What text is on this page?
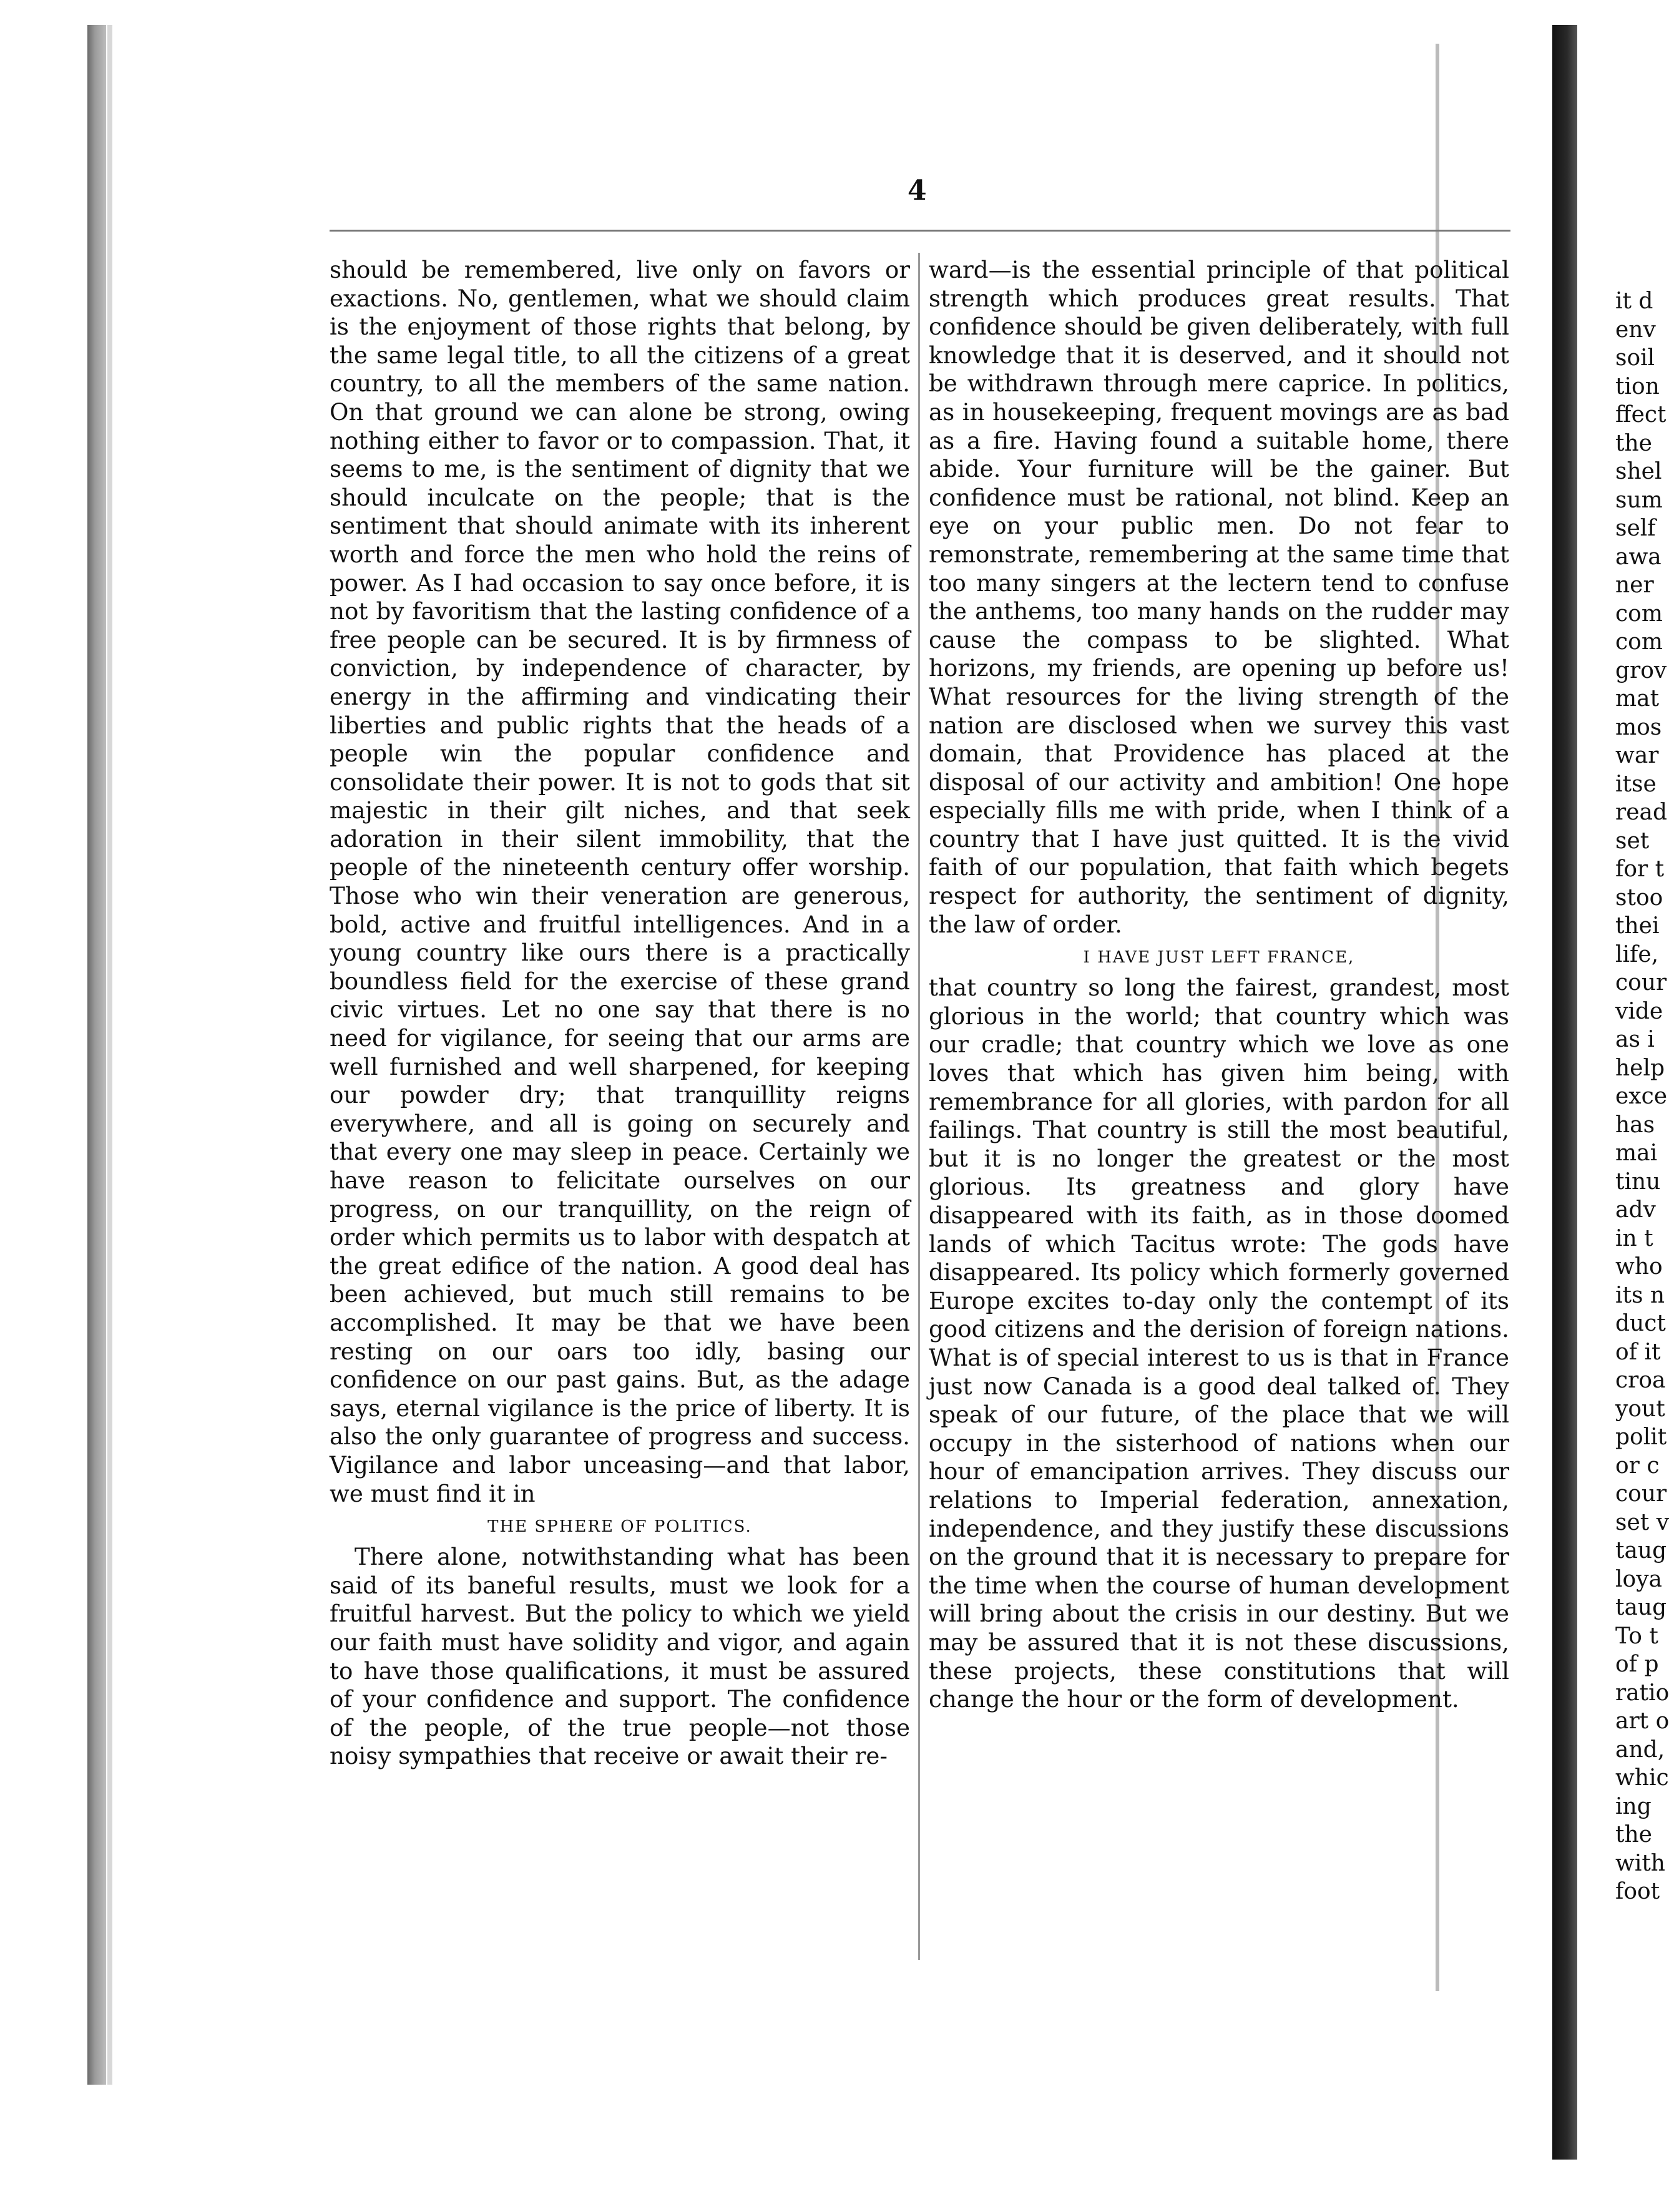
4

should be remembered, live only on favors or exactions. No, gentlemen, what we should claim is the enjoyment of those rights that belong, by the same legal title, to all the citizens of a great country, to all the members of the same nation. On that ground we can alone be strong, owing nothing either to favor or to compassion. That, it seems to me, is the sentiment of dignity that we should inculcate on the people; that is the sentiment that should animate with its inherent worth and force the men who hold the reins of power. As I had occasion to say once before, it is not by favoritism that the lasting confidence of a free people can be secured. It is by firmness of conviction, by independence of character, by energy in the affirming and vindicating their liberties and public rights that the heads of a people win the popular confidence and consolidate their power. It is not to gods that sit majestic in their gilt niches, and that seek adoration in their silent immobility, that the people of the nineteenth century offer worship. Those who win their veneration are generous, bold, active and fruitful intelligences. And in a young country like ours there is a practically boundless field for the exercise of these grand civic virtues. Let no one say that there is no need for vigilance, for seeing that our arms are well furnished and well sharpened, for keeping our powder dry; that tranquillity reigns everywhere, and all is going on securely and that every one may sleep in peace. Certainly we have reason to felicitate ourselves on our progress, on our tranquillity, on the reign of order which permits us to labor with despatch at the great edifice of the nation. A good deal has been achieved, but much still remains to be accomplished. It may be that we have been resting on our oars too idly, basing our confidence on our past gains. But, as the adage says, eternal vigilance is the price of liberty. It is also the only guarantee of progress and success. Vigilance and labor unceasing—and that labor, we must find it in

THE SPHERE OF POLITICS.

There alone, notwithstanding what has been said of its baneful results, must we look for a fruitful harvest. But the policy to which we yield our faith must have solidity and vigor, and again to have those qualifications, it must be assured of your confidence and support. The confidence of the people, of the true people—not those noisy sympathies that receive or await their re-

ward—is the essential principle of that political strength which produces great results. That confidence should be given deliberately, with full knowledge that it is deserved, and it should not be withdrawn through mere caprice. In politics, as in housekeeping, frequent movings are as bad as a fire. Having found a suitable home, there abide. Your furniture will be the gainer. But confidence must be rational, not blind. Keep an eye on your public men. Do not fear to remonstrate, remembering at the same time that too many singers at the lectern tend to confuse the anthems, too many hands on the rudder may cause the compass to be slighted. What horizons, my friends, are opening up before us! What resources for the living strength of the nation are disclosed when we survey this vast domain, that Providence has placed at the disposal of our activity and ambition! One hope especially fills me with pride, when I think of a country that I have just quitted. It is the vivid faith of our population, that faith which begets respect for authority, the sentiment of dignity, the law of order.

I HAVE JUST LEFT FRANCE,

that country so long the fairest, grandest, most glorious in the world; that country which was our cradle; that country which we love as one loves that which has given him being, with remembrance for all glories, with pardon for all failings. That country is still the most beautiful, but it is no longer the greatest or the most glorious. Its greatness and glory have disappeared with its faith, as in those doomed lands of which Tacitus wrote: The gods have disappeared. Its policy which formerly governed Europe excites to-day only the contempt of its good citizens and the derision of foreign nations. What is of special interest to us is that in France just now Canada is a good deal talked of. They speak of our future, of the place that we will occupy in the sisterhood of nations when our hour of emancipation arrives. They discuss our relations to Imperial federation, annexation, independence, and they justify these discussions on the ground that it is necessary to prepare for the time when the course of human development will bring about the crisis in our destiny. But we may be assured that it is not these discussions, these projects, these constitutions that will change the hour or the form of development.

it d
env
soil
tion
ffect
the
shel
sum
self
awa
ner
com
com
grov
mat
mos
war
itse
read
set
for t
stoo
thei
life,
cour
vide
as i
help
exce
has
mai
tinu
adv
in t
who
its n
duct
of it
croa
yout
polit
or c
cour
set v
taug
loya
taug
To t
of p
ratio
art o
and,
whic
ing
the
with
foot
